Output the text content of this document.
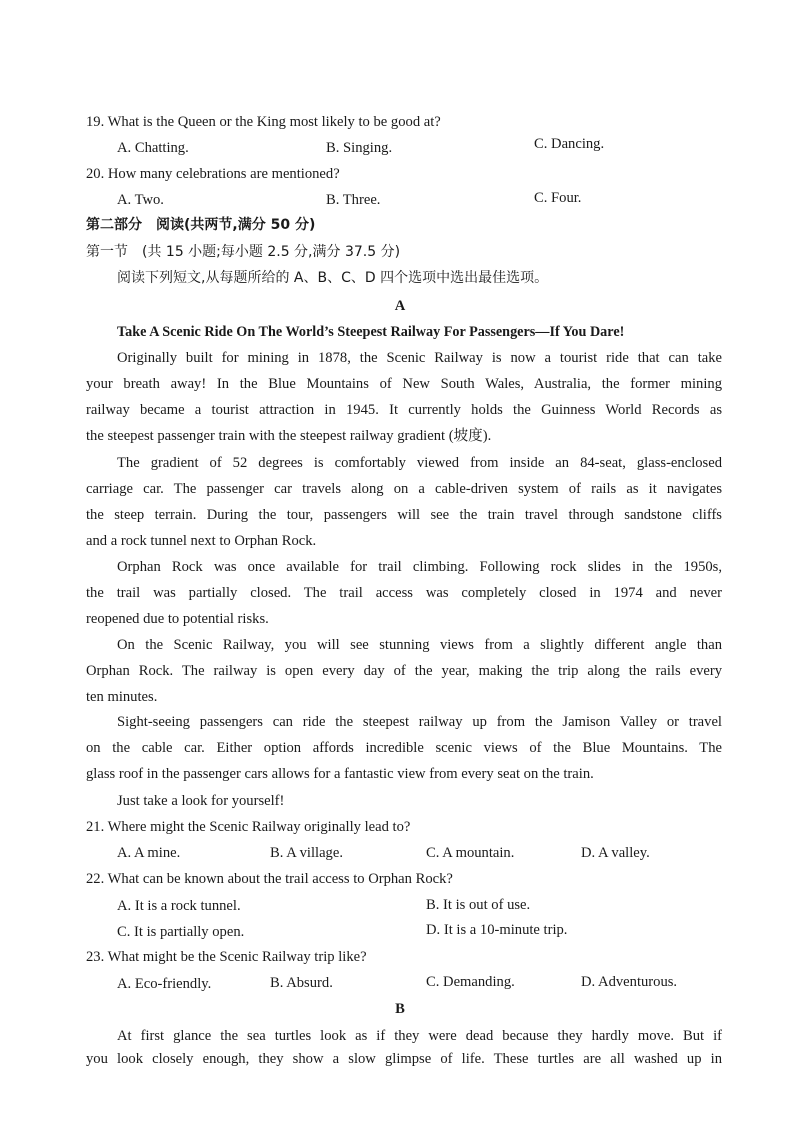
19. What is the Queen or the King most likely to be good at?
A. Chatting.	B. Singing.	C. Dancing.
20. How many celebrations are mentioned?
A. Two.	B. Three.	C. Four.
第二部分　阅读(共两节,满分 50 分)
第一节　(共 15 小题;每小题 2.5 分,满分 37.5 分)
阅读下列短文,从每题所给的 A、B、C、D 四个选项中选出最佳选项。
A
Take A Scenic Ride On The World’s Steepest Railway For Passengers—If You Dare!
Originally built for mining in 1878, the Scenic Railway is now a tourist ride that can take
your breath away! In the Blue Mountains of New South Wales, Australia, the former mining
railway became a tourist attraction in 1945. It currently holds the Guinness World Records as
the steepest passenger train with the steepest railway gradient (坡度).
The gradient of 52 degrees is comfortably viewed from inside an 84-seat, glass-enclosed
carriage car. The passenger car travels along on a cable-driven system of rails as it navigates
the steep terrain. During the tour, passengers will see the train travel through sandstone cliffs
and a rock tunnel next to Orphan Rock.
Orphan Rock was once available for trail climbing. Following rock slides in the 1950s,
the trail was partially closed. The trail access was completely closed in 1974 and never
reopened due to potential risks.
On the Scenic Railway, you will see stunning views from a slightly different angle than
Orphan Rock. The railway is open every day of the year, making the trip along the rails every
ten minutes.
Sight-seeing passengers can ride the steepest railway up from the Jamison Valley or travel
on the cable car. Either option affords incredible scenic views of the Blue Mountains. The
glass roof in the passenger cars allows for a fantastic view from every seat on the train.
Just take a look for yourself!
21. Where might the Scenic Railway originally lead to?
A. A mine.	B. A village.	C. A mountain.	D. A valley.
22. What can be known about the trail access to Orphan Rock?
A. It is a rock tunnel.	B. It is out of use.
C. It is partially open.	D. It is a 10-minute trip.
23. What might be the Scenic Railway trip like?
A. Eco-friendly.	B. Absurd.	C. Demanding.	D. Adventurous.
B
At first glance the sea turtles look as if they were dead because they hardly move. But if
you look closely enough, they show a slow glimpse of life. These turtles are all washed up in
